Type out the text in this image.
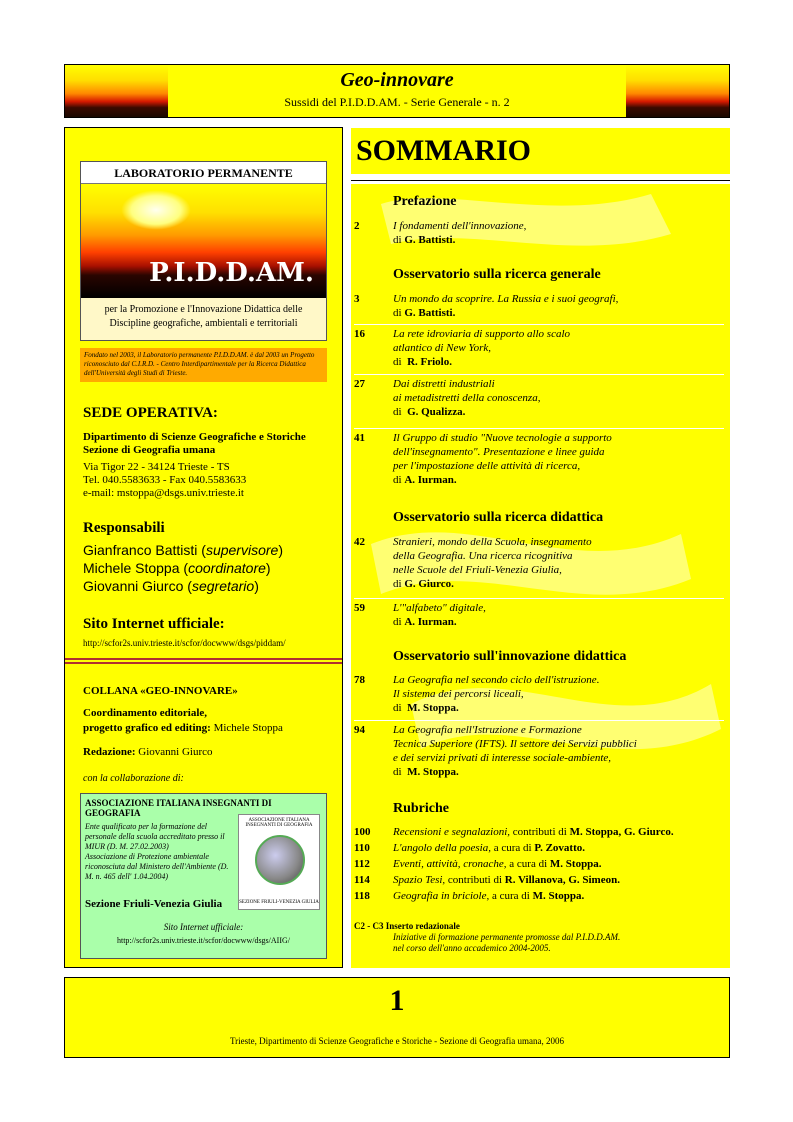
Geo-innovare
Sussidi del P.I.D.D.AM. - Serie Generale - n. 2
LABORATORIO PERMANENTE
P.I.D.D.AM.
per la Promozione e l'Innovazione Didattica delle
Discipline geografiche, ambientali e territoriali
Fondato nel 2003, il Laboratorio permanente P.I.D.D.AM. è dal 2003 un Progetto riconosciuto dal C.I.R.D. - Centro Interdipartimentale per la Ricerca Didattica dell'Università degli Studi di Trieste.
SEDE OPERATIVA:
Dipartimento di Scienze Geografiche e Storiche
Sezione di Geografia umana
Via Tigor 22 - 34124 Trieste - TS
Tel. 040.5583633 - Fax 040.5583633
e-mail: mstoppa@dsgs.univ.trieste.it
Responsabili
Gianfranco Battisti (supervisore)
Michele Stoppa (coordinatore)
Giovanni Giurco (segretario)
Sito Internet ufficiale:
http://scfor2s.univ.trieste.it/scfor/docwww/dsgs/piddam/
COLLANA «GEO-INNOVARE»
Coordinamento editoriale,
progetto grafico ed editing: Michele Stoppa
Redazione: Giovanni Giurco
con la collaborazione di:
ASSOCIAZIONE ITALIANA INSEGNANTI DI GEOGRAFIA
Ente qualificato per la formazione del personale della scuola accreditato presso il MIUR (D. M. 27.02.2003)
Associazione di Protezione ambientale riconosciuta dal Ministero dell'Ambiente (D. M. n. 465 dell' 1.04.2004)
ASSOCIAZIONE ITALIANA INSEGNANTI DI GEOGRAFIA
SEZIONE FRIULI-VENEZIA GIULIA
Sezione Friuli-Venezia Giulia
Sito Internet ufficiale:
http://scfor2s.univ.trieste.it/scfor/docwww/dsgs/AIIG/
SOMMARIO
Prefazione
2	I fondamenti dell'innovazione,
di G. Battisti.
Osservatorio sulla ricerca generale
3	Un mondo da scoprire. La Russia e i suoi geografi,
di G. Battisti.
16	La rete idroviaria di supporto allo scalo
atlantico di New York,
di R. Friolo.
27	Dai distretti industriali
ai metadistretti della conoscenza,
di G. Qualizza.
41	Il Gruppo di studio "Nuove tecnologie a supporto
dell'insegnamento". Presentazione e linee guida
per l'impostazione delle attività di ricerca,
di A. Iurman.
Osservatorio sulla ricerca didattica
42	Stranieri, mondo della Scuola, insegnamento
della Geografia. Una ricerca ricognitiva
nelle Scuole del Friuli-Venezia Giulia,
di G. Giurco.
59	L'"alfabeto" digitale,
di A. Iurman.
Osservatorio sull'innovazione didattica
78	La Geografia nel secondo ciclo dell'istruzione.
Il sistema dei percorsi liceali,
di M. Stoppa.
94	La Geografia nell'Istruzione e Formazione
Tecnica Superiore (IFTS). Il settore dei Servizi pubblici
e dei servizi privati di interesse sociale-ambiente,
di M. Stoppa.
Rubriche
100 Recensioni e segnalazioni, contributi di M. Stoppa, G. Giurco.
110 L'angolo della poesia, a cura di P. Zovatto.
112 Eventi, attività, cronache, a cura di M. Stoppa.
114 Spazio Tesi, contributi di R. Villanova, G. Simeon.
118 Geografia in briciole, a cura di M. Stoppa.
C2 - C3 Inserto redazionale
Iniziative di formazione permanente promosse dal P.I.D.D.AM.
nel corso dell'anno accademico 2004-2005.
1
Trieste, Dipartimento di Scienze Geografiche e Storiche - Sezione di Geografia umana, 2006
